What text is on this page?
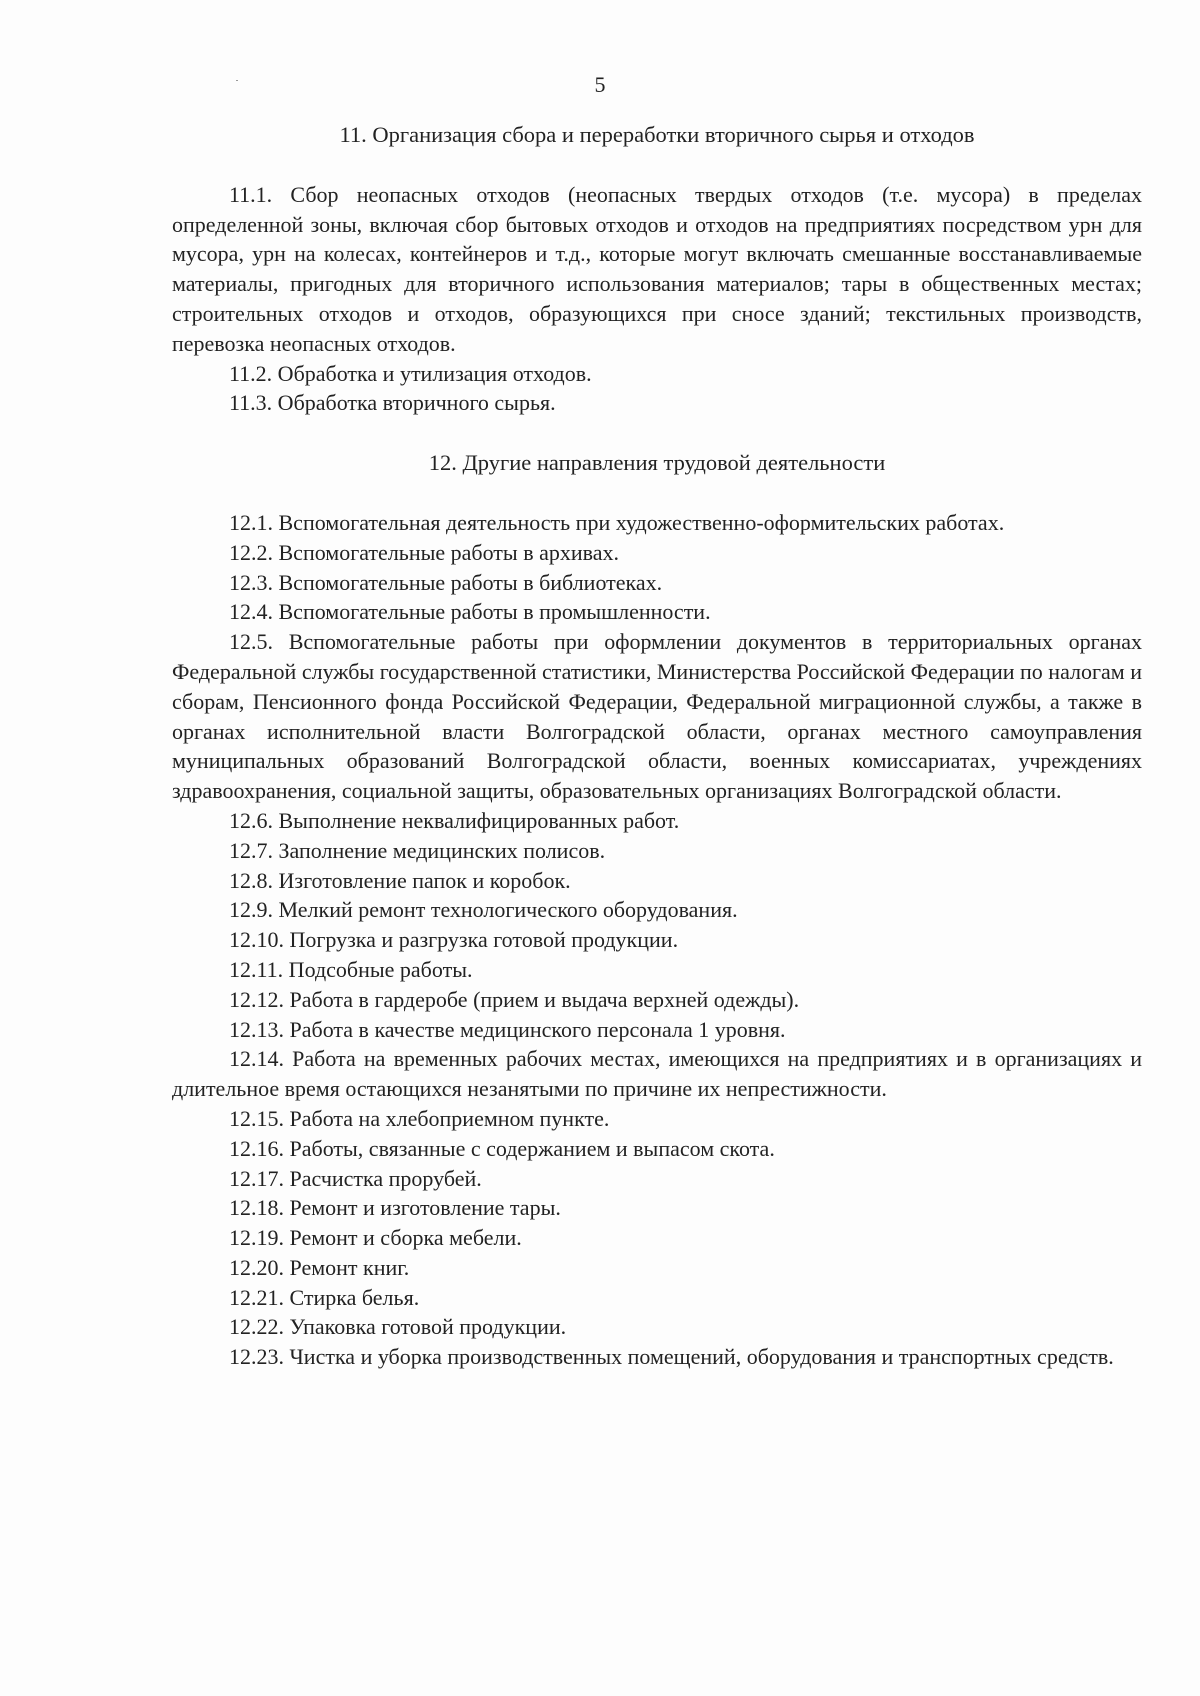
5
11. Организация сбора и переработки вторичного сырья и отходов

11.1. Сбор неопасных отходов (неопасных твердых отходов (т.е. мусора) в пределах определенной зоны, включая сбор бытовых отходов и отходов на предприятиях посредством урн для мусора, урн на колесах, контейнеров и т.д., которые могут включать смешанные восстанавливаемые материалы, пригодных для вторичного использования материалов; тары в общественных местах; строительных отходов и отходов, образующихся при сносе зданий; текстильных производств, перевозка неопасных отходов.

11.2. Обработка и утилизация отходов.

11.3. Обработка вторичного сырья.

12. Другие направления трудовой деятельности

12.1. Вспомогательная деятельность при художественно-оформительских работах.

12.2. Вспомогательные работы в архивах.

12.3. Вспомогательные работы в библиотеках.

12.4. Вспомогательные работы в промышленности.

12.5. Вспомогательные работы при оформлении документов в территориальных органах Федеральной службы государственной статистики, Министерства Российской Федерации по налогам и сборам, Пенсионного фонда Российской Федерации, Федеральной миграционной службы, а также в органах исполнительной власти Волгоградской области, органах местного самоуправления муниципальных образований Волгоградской области, военных комиссариатах, учреждениях здравоохранения, социальной защиты, образовательных организациях Волгоградской области.

12.6. Выполнение неквалифицированных работ.

12.7. Заполнение медицинских полисов.

12.8. Изготовление папок и коробок.

12.9. Мелкий ремонт технологического оборудования.

12.10. Погрузка и разгрузка готовой продукции.

12.11. Подсобные работы.

12.12. Работа в гардеробе (прием и выдача верхней одежды).

12.13. Работа в качестве медицинского персонала 1 уровня.

12.14. Работа на временных рабочих местах, имеющихся на предприятиях и в организациях и длительное время остающихся незанятыми по причине их непрестижности.

12.15. Работа на хлебоприемном пункте.

12.16. Работы, связанные с содержанием и выпасом скота.

12.17. Расчистка прорубей.

12.18. Ремонт и изготовление тары.

12.19. Ремонт и сборка мебели.

12.20. Ремонт книг.

12.21. Стирка белья.

12.22. Упаковка готовой продукции.

12.23. Чистка и уборка производственных помещений, оборудования и транспортных средств.
